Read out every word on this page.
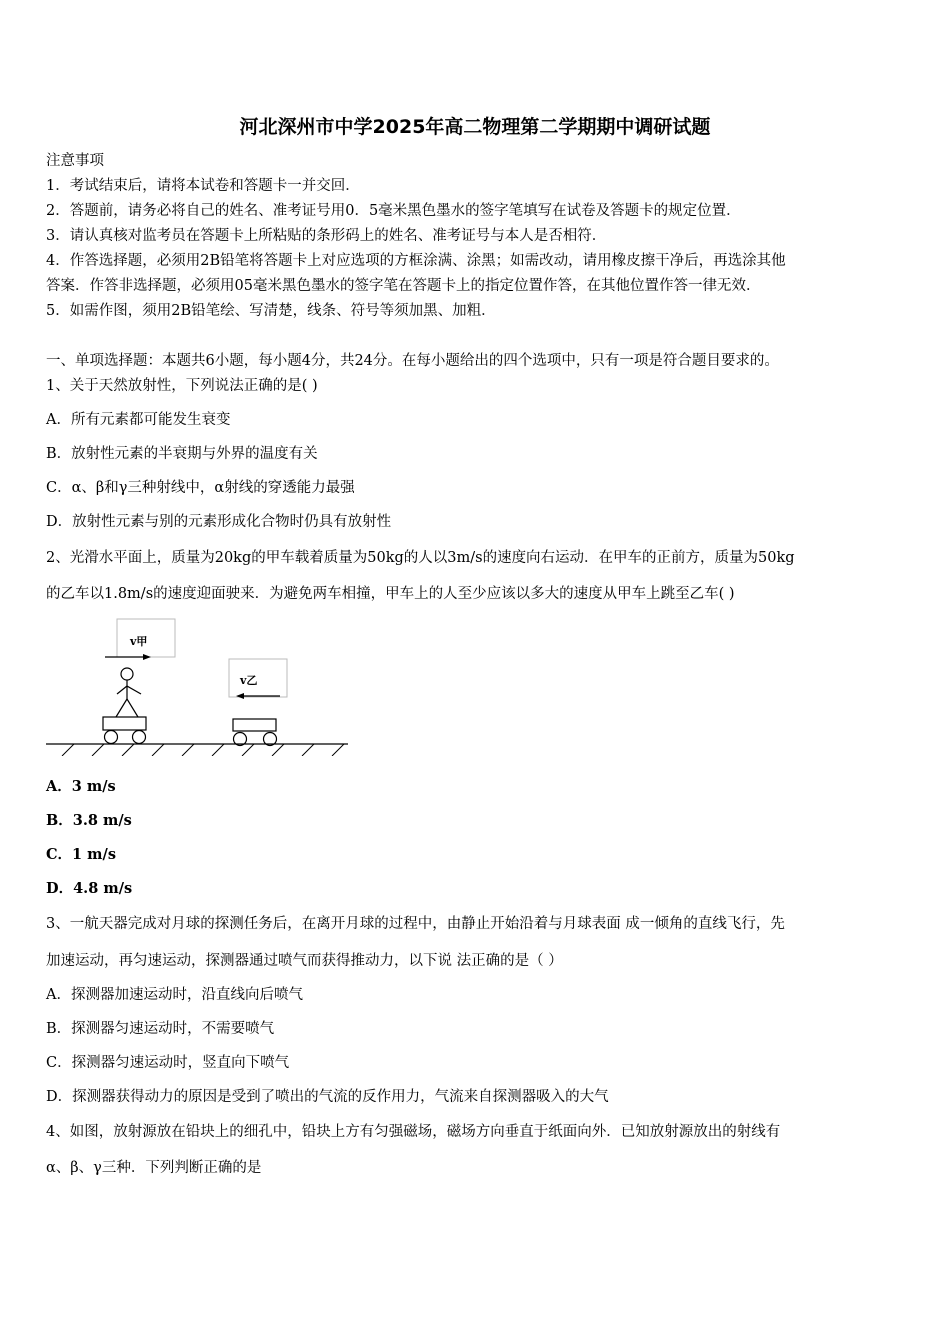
河北深州市中学2025年高二物理第二学期期中调研试题
注意事项
1．考试结束后，请将本试卷和答题卡一并交回．
2．答题前，请务必将自己的姓名、准考证号用0．5毫米黑色墨水的签字笔填写在试卷及答题卡的规定位置．
3．请认真核对监考员在答题卡上所粘贴的条形码上的姓名、准考证号与本人是否相符．
4．作答选择题，必须用2B铅笔将答题卡上对应选项的方框涂满、涂黑；如需改动，请用橡皮擦干净后，再选涂其他
答案．作答非选择题，必须用05毫米黑色墨水的签字笔在答题卡上的指定位置作答，在其他位置作答一律无效．
5．如需作图，须用2B铅笔绘、写清楚，线条、符号等须加黑、加粗．
一、单项选择题：本题共6小题，每小题4分，共24分。在每小题给出的四个选项中，只有一项是符合题目要求的。
1、关于天然放射性，下列说法正确的是( )
A．所有元素都可能发生衰变
B．放射性元素的半衰期与外界的温度有关
C．α、β和γ三种射线中，α射线的穿透能力最强
D．放射性元素与别的元素形成化合物时仍具有放射性
2、光滑水平面上，质量为20kg的甲车载着质量为50kg的人以3m/s的速度向右运动．在甲车的正前方，质量为50kg
的乙车以1.8m/s的速度迎面驶来．为避免两车相撞，甲车上的人至少应该以多大的速度从甲车上跳至乙车( )
v甲
v乙
A．3 m/s
B．3.8 m/s
C．1 m/s
D．4.8 m/s
3、一航天器完成对月球的探测任务后，在离开月球的过程中，由静止开始沿着与月球表面 成一倾角的直线飞行，先
加速运动，再匀速运动，探测器通过喷气而获得推动力，以下说 法正确的是（ ）
A．探测器加速运动时，沿直线向后喷气
B．探测器匀速运动时，不需要喷气
C．探测器匀速运动时，竖直向下喷气
D．探测器获得动力的原因是受到了喷出的气流的反作用力，气流来自探测器吸入的大气
4、如图，放射源放在铅块上的细孔中，铅块上方有匀强磁场，磁场方向垂直于纸面向外．已知放射源放出的射线有
α、β、γ三种．下列判断正确的是
